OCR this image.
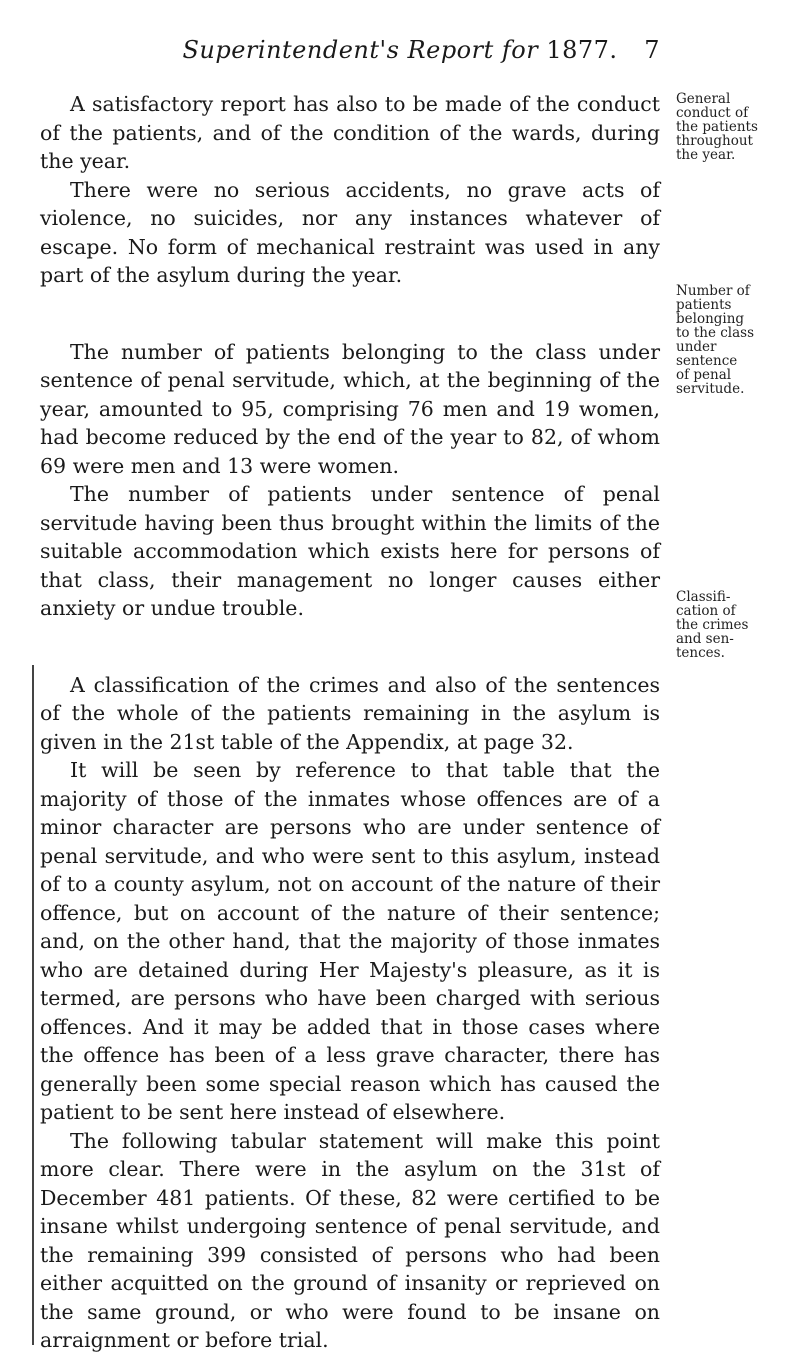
Superintendent's Report for 1877. 7

A satisfactory report has also to be made of the conduct of the patients, and of the condition of the wards, during the year.

There were no serious accidents, no grave acts of violence, no suicides, nor any instances whatever of escape. No form of mechanical restraint was used in any part of the asylum during the year.

The number of patients belonging to the class under sentence of penal servitude, which, at the beginning of the year, amounted to 95, comprising 76 men and 19 women, had become reduced by the end of the year to 82, of whom 69 were men and 13 were women.

The number of patients under sentence of penal servitude having been thus brought within the limits of the suitable accommodation which exists here for persons of that class, their management no longer causes either anxiety or undue trouble.

A classification of the crimes and also of the sentences of the whole of the patients remaining in the asylum is given in the 21st table of the Appendix, at page 32.

It will be seen by reference to that table that the majority of those of the inmates whose offences are of a minor character are persons who are under sentence of penal servitude, and who were sent to this asylum, instead of to a county asylum, not on account of the nature of their offence, but on account of the nature of their sentence; and, on the other hand, that the majority of those inmates who are detained during Her Majesty's pleasure, as it is termed, are persons who have been charged with serious offences. And it may be added that in those cases where the offence has been of a less grave character, there has generally been some special reason which has caused the patient to be sent here instead of elsewhere.

The following tabular statement will make this point more clear. There were in the asylum on the 31st of December 481 patients. Of these, 82 were certified to be insane whilst undergoing sentence of penal servitude, and the remaining 399 consisted of persons who had been either acquitted on the ground of insanity or reprieved on the same ground, or who were found to be insane on arraignment or before trial.

General
conduct of
the patients
throughout
the year.
Number of
patients
belonging
to the class
under
sentence
of penal
servitude.
Classifi-
cation of
the crimes
and sen-
tences.
